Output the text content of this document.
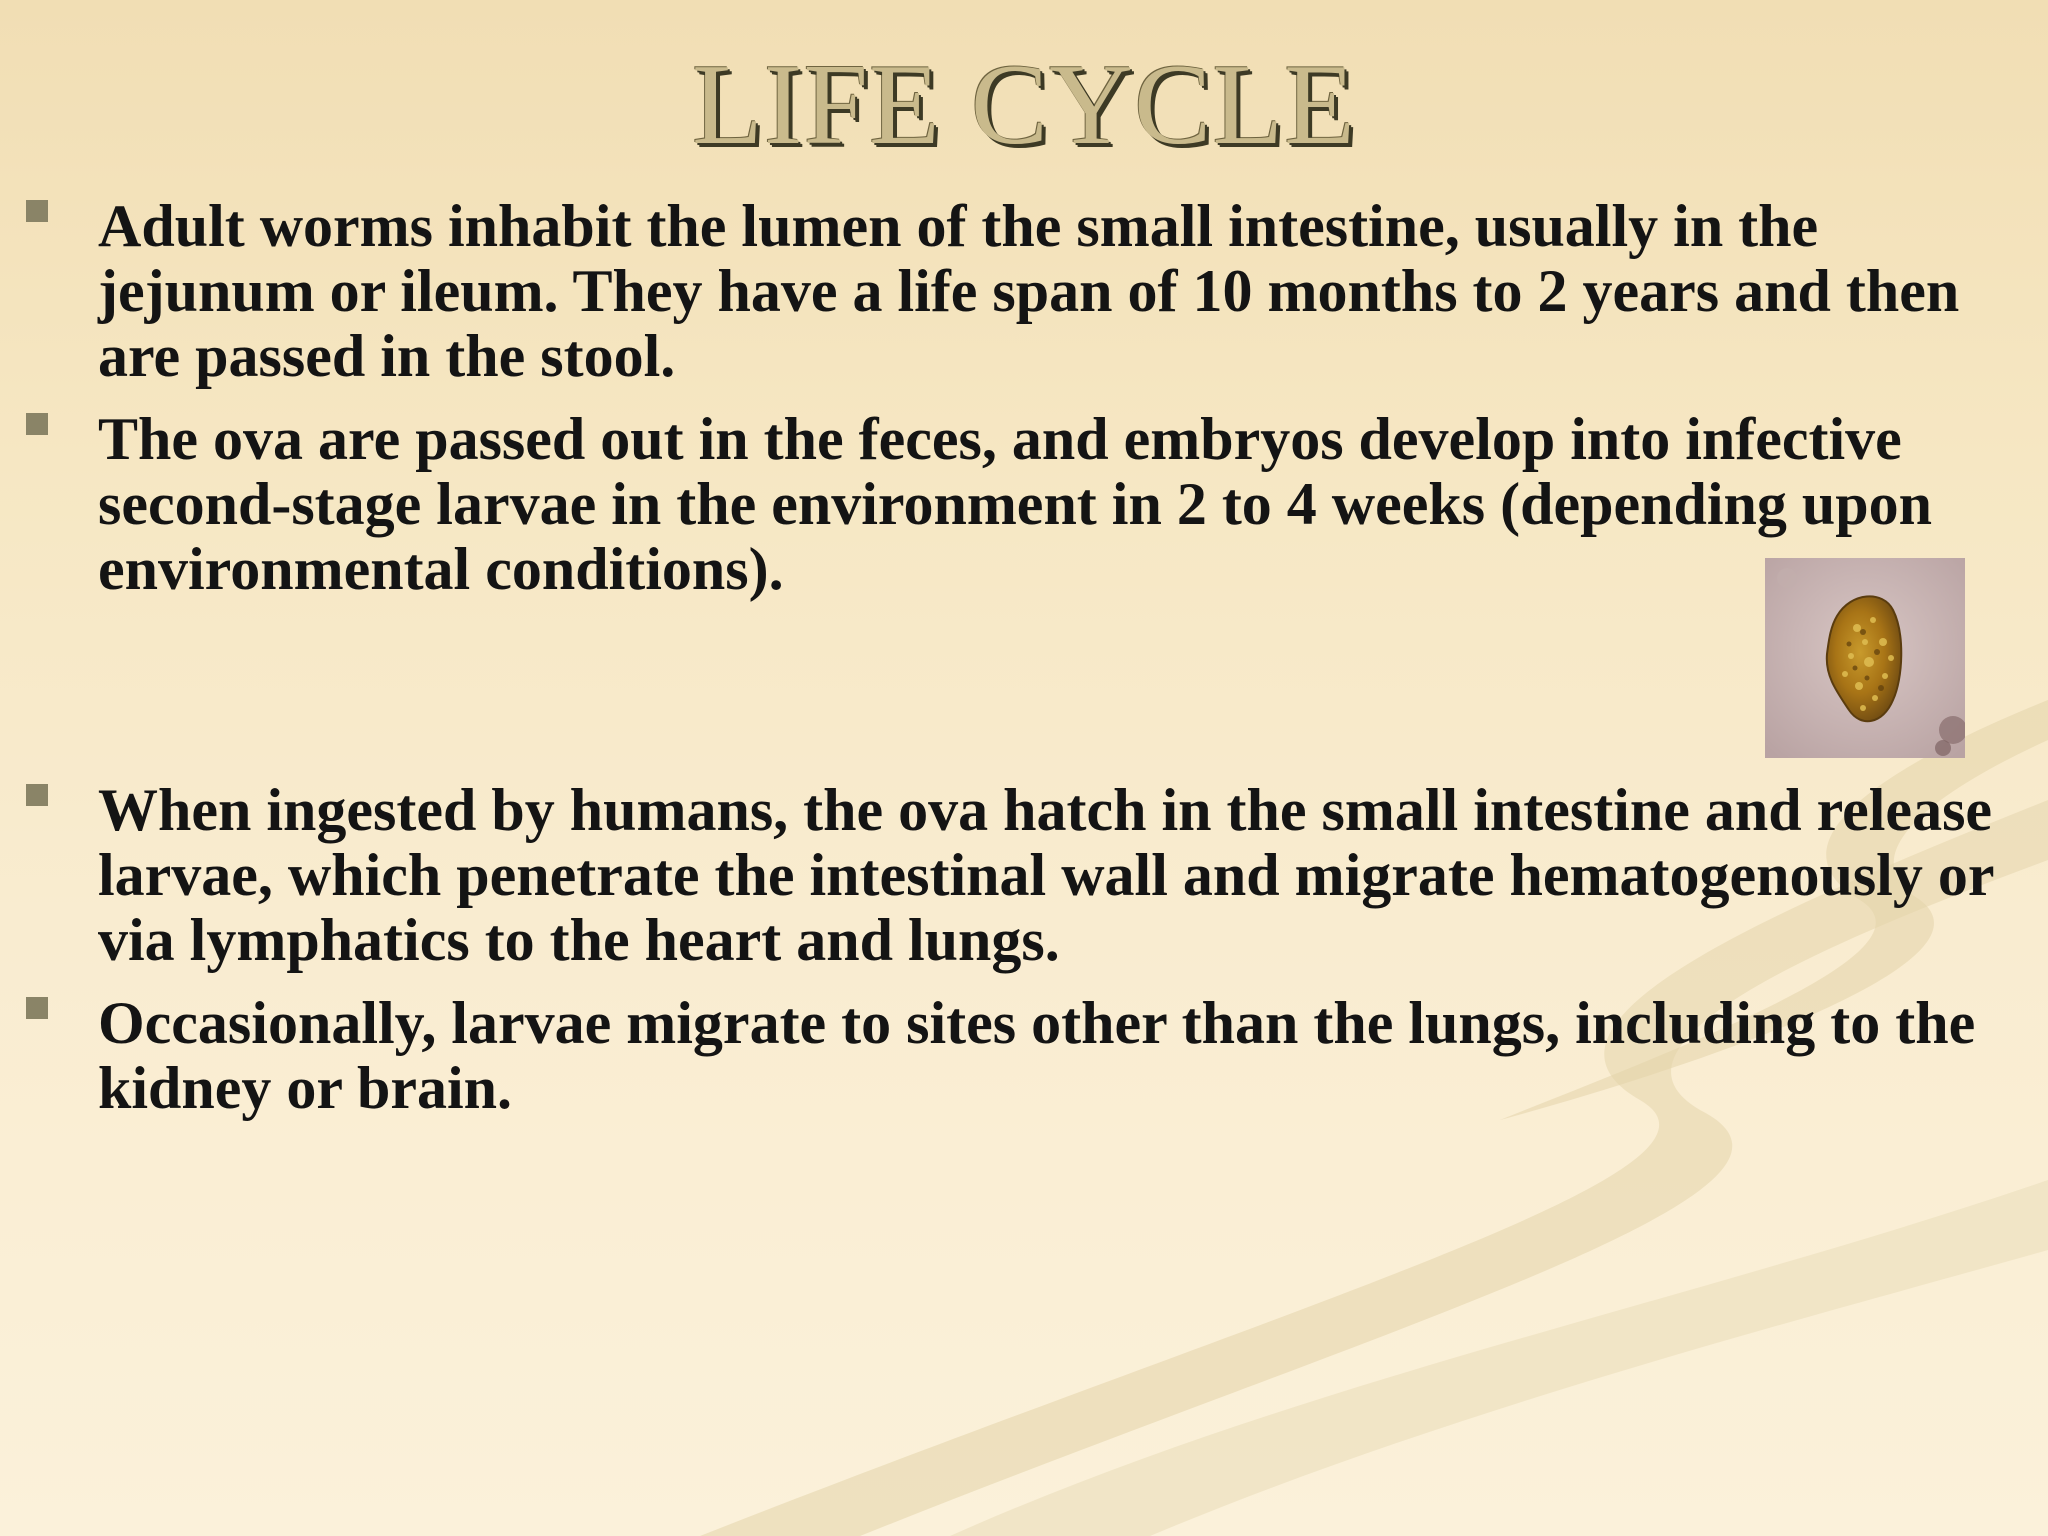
LIFE CYCLE
Adult worms inhabit the lumen of the small intestine, usually in the jejunum or ileum. They have a life span of 10 months to 2 years and then are passed in the stool.
The ova are passed out in the feces, and embryos develop into infective second-stage larvae in the environment in 2 to 4 weeks (depending upon environmental conditions).
When ingested by humans, the ova hatch in the small intestine and release larvae, which penetrate the intestinal wall and migrate hematogenously or via lymphatics to the heart and lungs.
Occasionally, larvae migrate to sites other than the lungs, including to the kidney or brain.
